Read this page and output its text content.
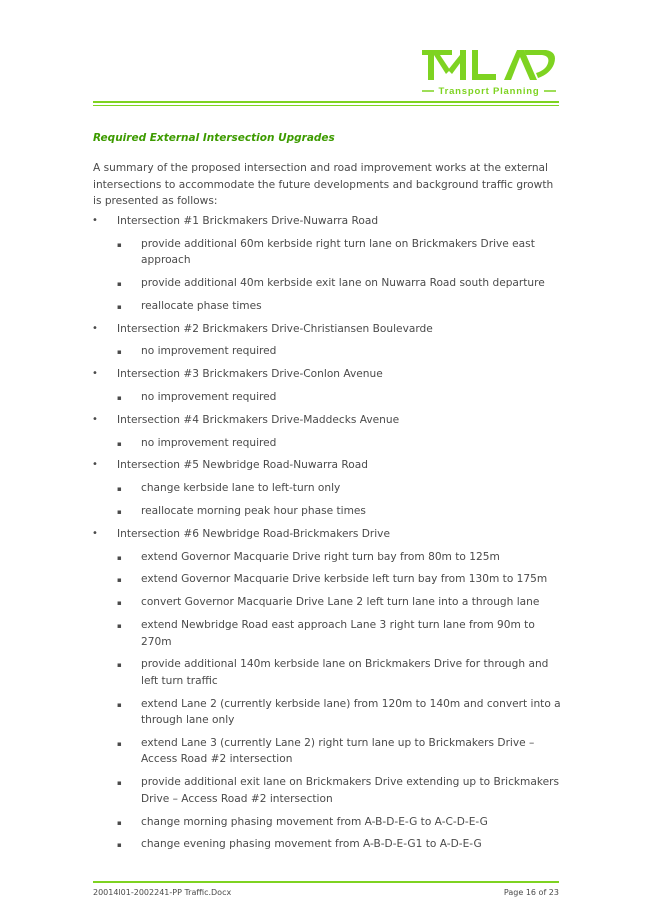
Transport Planning
Required External Intersection Upgrades
A summary of the proposed intersection and road improvement works at the external intersections to accommodate the future developments and background traffic growth is presented as follows:
• Intersection #1 Brickmakers Drive-Nuwarra Road
▪ provide additional 60m kerbside right turn lane on Brickmakers Drive east approach
▪ provide additional 40m kerbside exit lane on Nuwarra Road south departure
▪ reallocate phase times
• Intersection #2 Brickmakers Drive-Christiansen Boulevarde
▪ no improvement required
• Intersection #3 Brickmakers Drive-Conlon Avenue
▪ no improvement required
• Intersection #4 Brickmakers Drive-Maddecks Avenue
▪ no improvement required
• Intersection #5 Newbridge Road-Nuwarra Road
▪ change kerbside lane to left-turn only
▪ reallocate morning peak hour phase times
• Intersection #6 Newbridge Road-Brickmakers Drive
▪ extend Governor Macquarie Drive right turn bay from 80m to 125m
▪ extend Governor Macquarie Drive kerbside left turn bay from 130m to 175m
▪ convert Governor Macquarie Drive Lane 2 left turn lane into a through lane
▪ extend Newbridge Road east approach Lane 3 right turn lane from 90m to 270m
▪ provide additional 140m kerbside lane on Brickmakers Drive for through and left turn traffic
▪ extend Lane 2 (currently kerbside lane) from 120m to 140m and convert into a through lane only
▪ extend Lane 3 (currently Lane 2) right turn lane up to Brickmakers Drive – Access Road #2 intersection
▪ provide additional exit lane on Brickmakers Drive extending up to Brickmakers Drive – Access Road #2 intersection
▪ change morning phasing movement from A-B-D-E-G to A-C-D-E-G
▪ change evening phasing movement from A-B-D-E-G1 to A-D-E-G
20014l01-2002241-PP Traffic.Docx	Page 16 of 23
